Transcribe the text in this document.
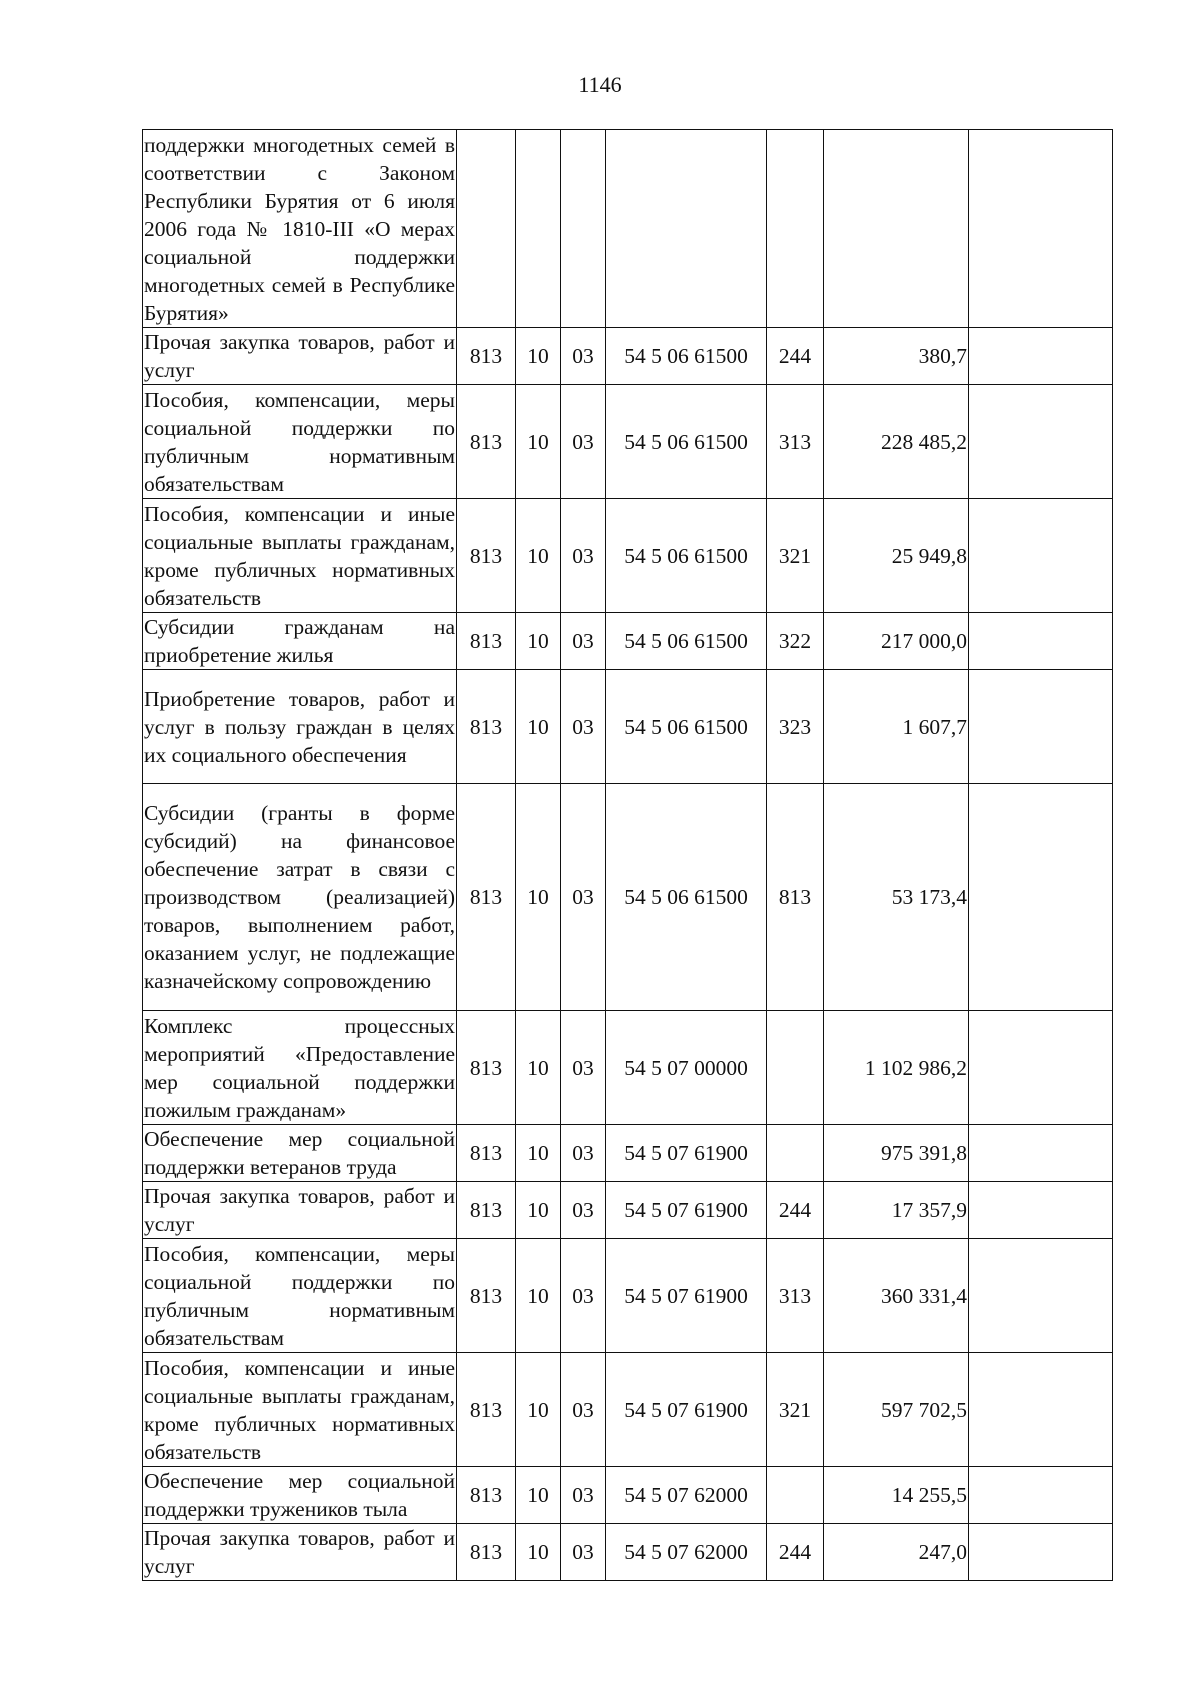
1146
поддержки многодетных семей в соответствии с Законом Республики Бурятия от 6 июля 2006 года № 1810-III «О мерах социальной поддержки многодетных семей в Республике Бурятия»							
Прочая закупка товаров, работ и услуг	813	10	03	54 5 06 61500	244	380,7	
Пособия, компенсации, меры социальной поддержки по публичным нормативным обязательствам	813	10	03	54 5 06 61500	313	228 485,2	
Пособия, компенсации и иные социальные выплаты гражданам, кроме публичных нормативных обязательств	813	10	03	54 5 06 61500	321	25 949,8	
Субсидии гражданам на приобретение жилья	813	10	03	54 5 06 61500	322	217 000,0	
Приобретение товаров, работ и услуг в пользу граждан в целях их социального обеспечения	813	10	03	54 5 06 61500	323	1 607,7	
Субсидии (гранты в форме субсидий) на финансовое обеспечение затрат в связи с производством (реализацией) товаров, выполнением работ, оказанием услуг, не подлежащие казначейскому сопровождению	813	10	03	54 5 06 61500	813	53 173,4	
Комплекс процессных мероприятий «Предоставление мер социальной поддержки пожилым гражданам»	813	10	03	54 5 07 00000		1 102 986,2	
Обеспечение мер социальной поддержки ветеранов труда	813	10	03	54 5 07 61900		975 391,8	
Прочая закупка товаров, работ и услуг	813	10	03	54 5 07 61900	244	17 357,9	
Пособия, компенсации, меры социальной поддержки по публичным нормативным обязательствам	813	10	03	54 5 07 61900	313	360 331,4	
Пособия, компенсации и иные социальные выплаты гражданам, кроме публичных нормативных обязательств	813	10	03	54 5 07 61900	321	597 702,5	
Обеспечение мер социальной поддержки тружеников тыла	813	10	03	54 5 07 62000		14 255,5	
Прочая закупка товаров, работ и услуг	813	10	03	54 5 07 62000	244	247,0	
